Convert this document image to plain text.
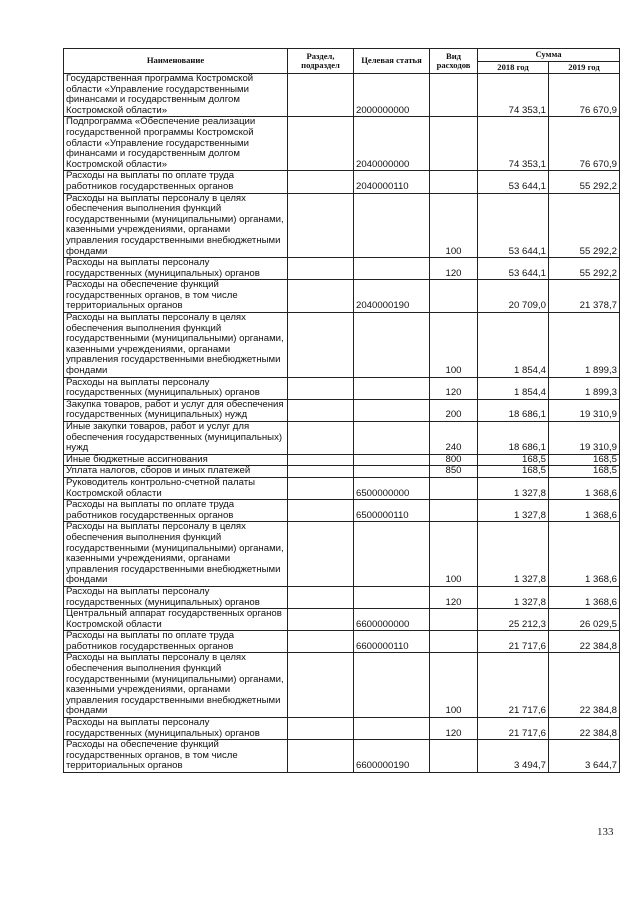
Наименование	Раздел, подраздел	Целевая статья	Вид расходов	Сумма	
				2018 год	2019 год
Государственная программа Костромской области «Управление государственными финансами и государственным долгом Костромской области»		2000000000		74 353,1	76 670,9
Подпрограмма «Обеспечение реализации государственной программы Костромской области «Управление государственными финансами и государственным долгом Костромской области»		2040000000		74 353,1	76 670,9
Расходы на выплаты по оплате труда работников государственных органов		2040000110		53 644,1	55 292,2
Расходы на выплаты персоналу в целях обеспечения выполнения функций государственными (муниципальными) органами, казенными учреждениями, органами управления государственными внебюджетными фондами			100	53 644,1	55 292,2
Расходы на выплаты персоналу государственных (муниципальных) органов			120	53 644,1	55 292,2
Расходы на обеспечение функций государственных органов, в том числе территориальных органов		2040000190		20 709,0	21 378,7
Расходы на выплаты персоналу в целях обеспечения выполнения функций государственными (муниципальными) органами, казенными учреждениями, органами управления государственными внебюджетными фондами			100	1 854,4	1 899,3
Расходы на выплаты персоналу государственных (муниципальных) органов			120	1 854,4	1 899,3
Закупка товаров, работ и услуг для обеспечения государственных (муниципальных) нужд			200	18 686,1	19 310,9
Иные закупки товаров, работ и услуг для обеспечения государственных (муниципальных) нужд			240	18 686,1	19 310,9
Иные бюджетные ассигнования			800	168,5	168,5
Уплата налогов, сборов и иных платежей			850	168,5	168,5
Руководитель контрольно-счетной палаты Костромской области		6500000000		1 327,8	1 368,6
Расходы на выплаты по оплате труда работников государственных органов		6500000110		1 327,8	1 368,6
Расходы на выплаты персоналу в целях обеспечения выполнения функций государственными (муниципальными) органами, казенными учреждениями, органами управления государственными внебюджетными фондами			100	1 327,8	1 368,6
Расходы на выплаты персоналу государственных (муниципальных) органов			120	1 327,8	1 368,6
Центральный аппарат государственных органов Костромской области		6600000000		25 212,3	26 029,5
Расходы на выплаты по оплате труда работников государственных органов		6600000110		21 717,6	22 384,8
Расходы на выплаты персоналу в целях обеспечения выполнения функций государственными (муниципальными) органами, казенными учреждениями, органами управления государственными внебюджетными фондами			100	21 717,6	22 384,8
Расходы на выплаты персоналу государственных (муниципальных) органов			120	21 717,6	22 384,8
Расходы на обеспечение функций государственных органов, в том числе территориальных органов		6600000190		3 494,7	3 644,7
133
